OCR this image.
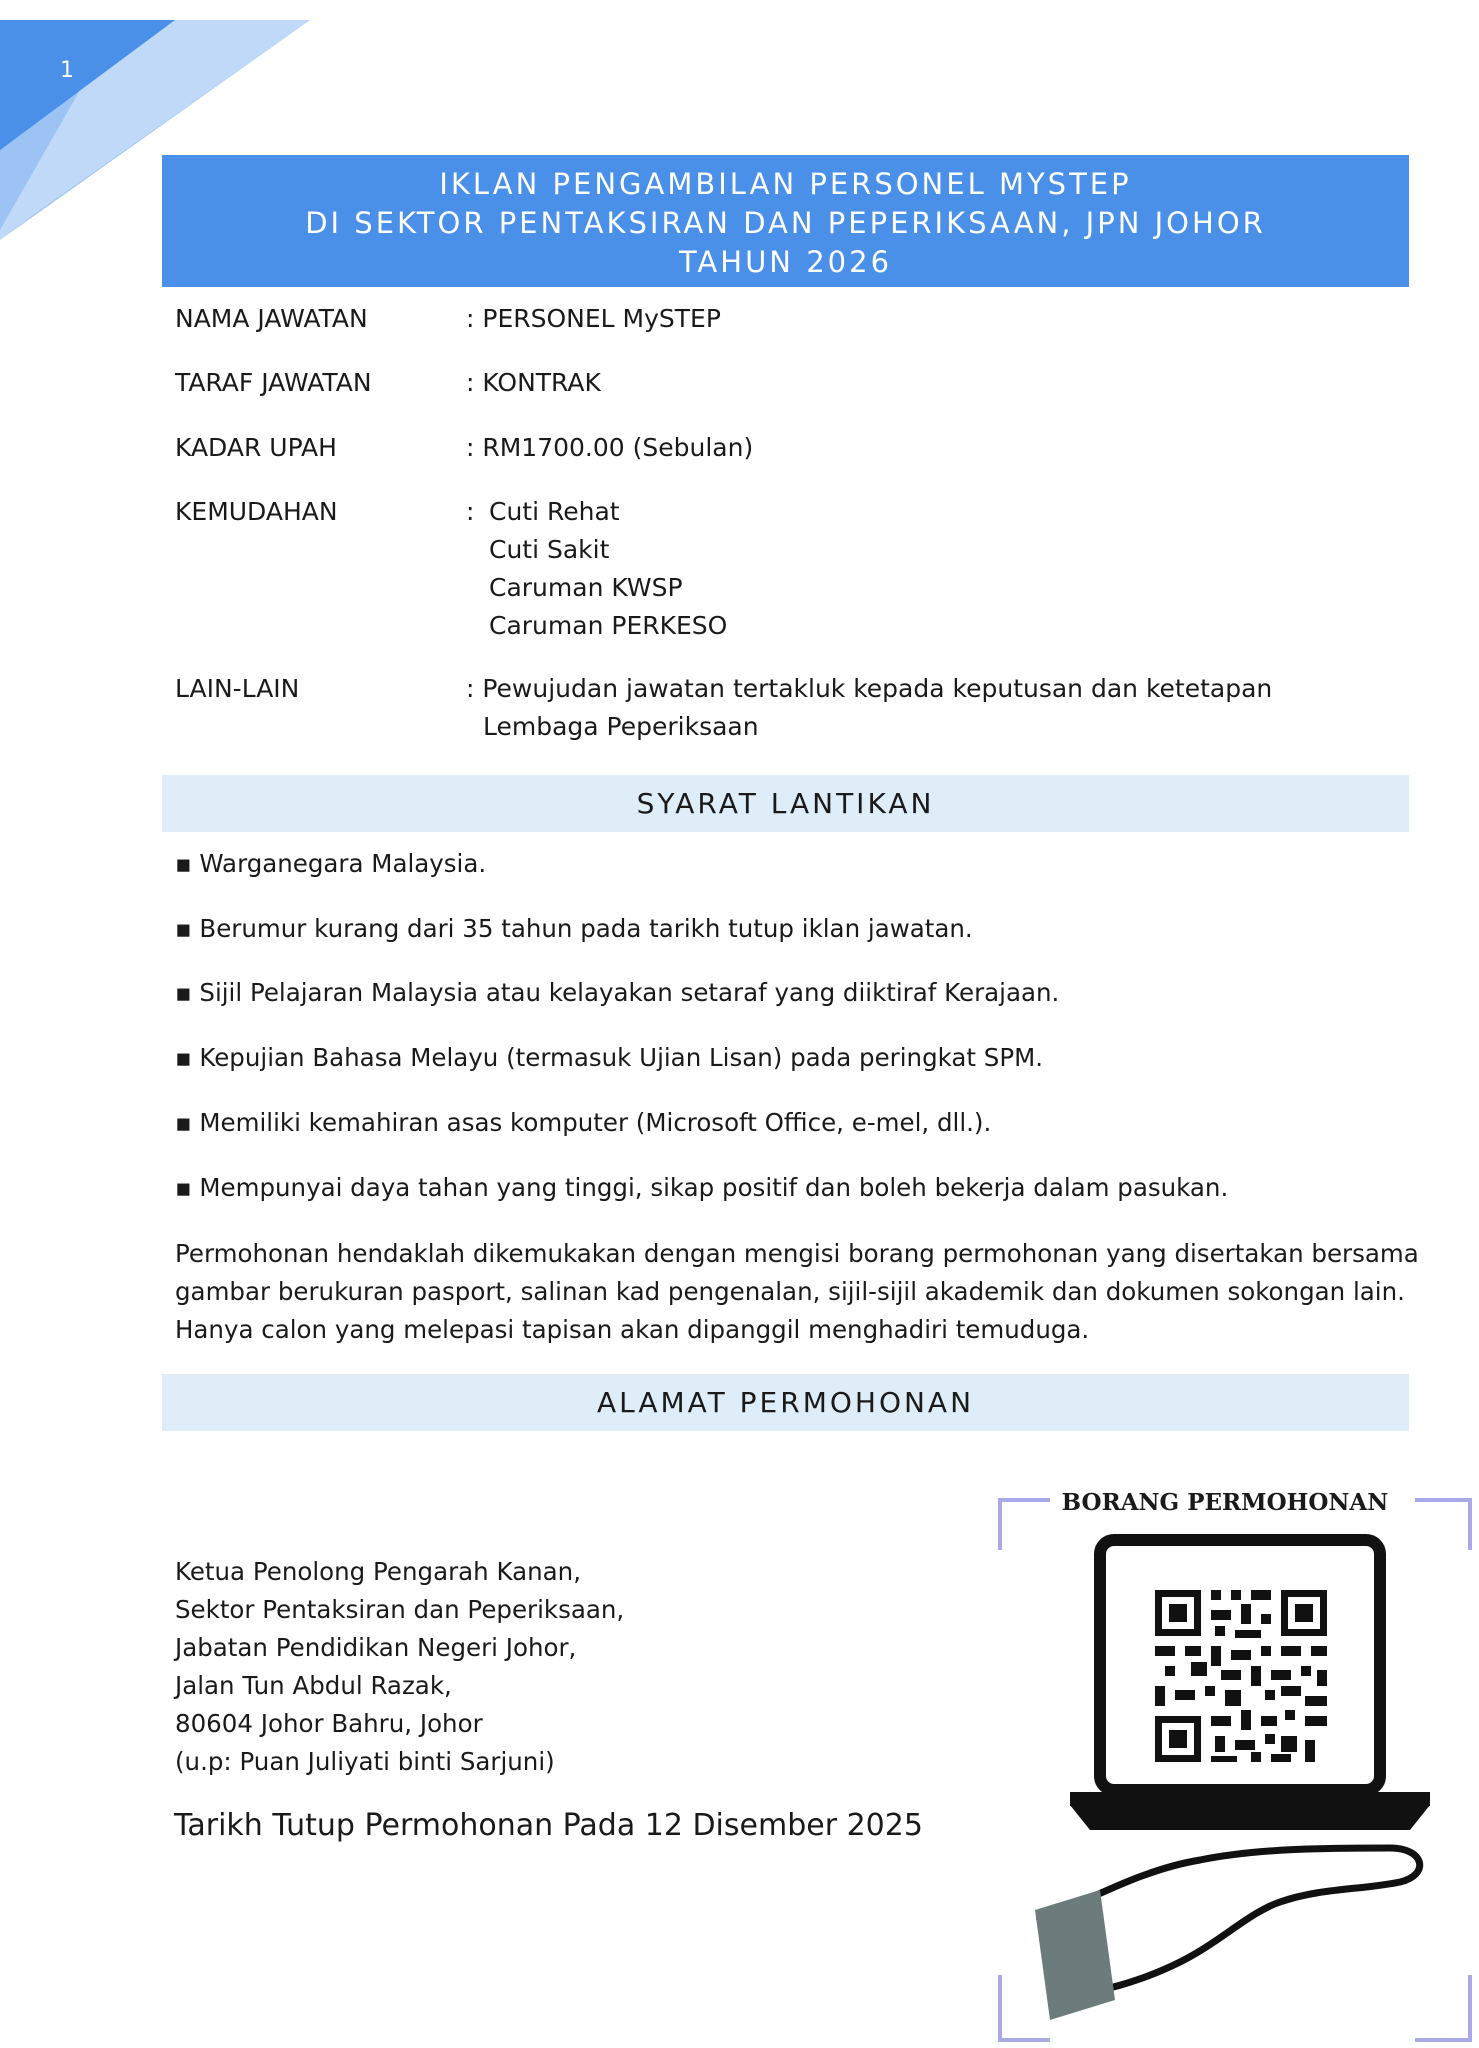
1
IKLAN PENGAMBILAN PERSONEL MYSTEP
DI SEKTOR PENTAKSIRAN DAN PEPERIKSAAN, JPN JOHOR
TAHUN 2026
NAMA JAWATAN	: PERSONEL MySTEP
TARAF JAWATAN	: KONTRAK
KADAR UPAH	: RM1700.00 (Sebulan)
KEMUDAHAN	: Cuti Rehat
Cuti Sakit
Caruman KWSP
Caruman PERKESO
LAIN-LAIN	: Pewujudan jawatan tertakluk kepada keputusan dan ketetapan
Lembaga Peperiksaan
SYARAT LANTIKAN
▪ Warganegara Malaysia.
▪ Berumur kurang dari 35 tahun pada tarikh tutup iklan jawatan.
▪ Sijil Pelajaran Malaysia atau kelayakan setaraf yang diiktiraf Kerajaan.
▪ Kepujian Bahasa Melayu (termasuk Ujian Lisan) pada peringkat SPM.
▪ Memiliki kemahiran asas komputer (Microsoft Office, e-mel, dll.).
▪ Mempunyai daya tahan yang tinggi, sikap positif dan boleh bekerja dalam pasukan.
Permohonan hendaklah dikemukakan dengan mengisi borang permohonan yang disertakan bersama
gambar berukuran pasport, salinan kad pengenalan, sijil-sijil akademik dan dokumen sokongan lain.
Hanya calon yang melepasi tapisan akan dipanggil menghadiri temuduga.
ALAMAT PERMOHONAN
Ketua Penolong Pengarah Kanan,
Sektor Pentaksiran dan Peperiksaan,
Jabatan Pendidikan Negeri Johor,
Jalan Tun Abdul Razak,
80604 Johor Bahru, Johor
(u.p: Puan Juliyati binti Sarjuni)
Tarikh Tutup Permohonan Pada 12 Disember 2025
BORANG PERMOHONAN
